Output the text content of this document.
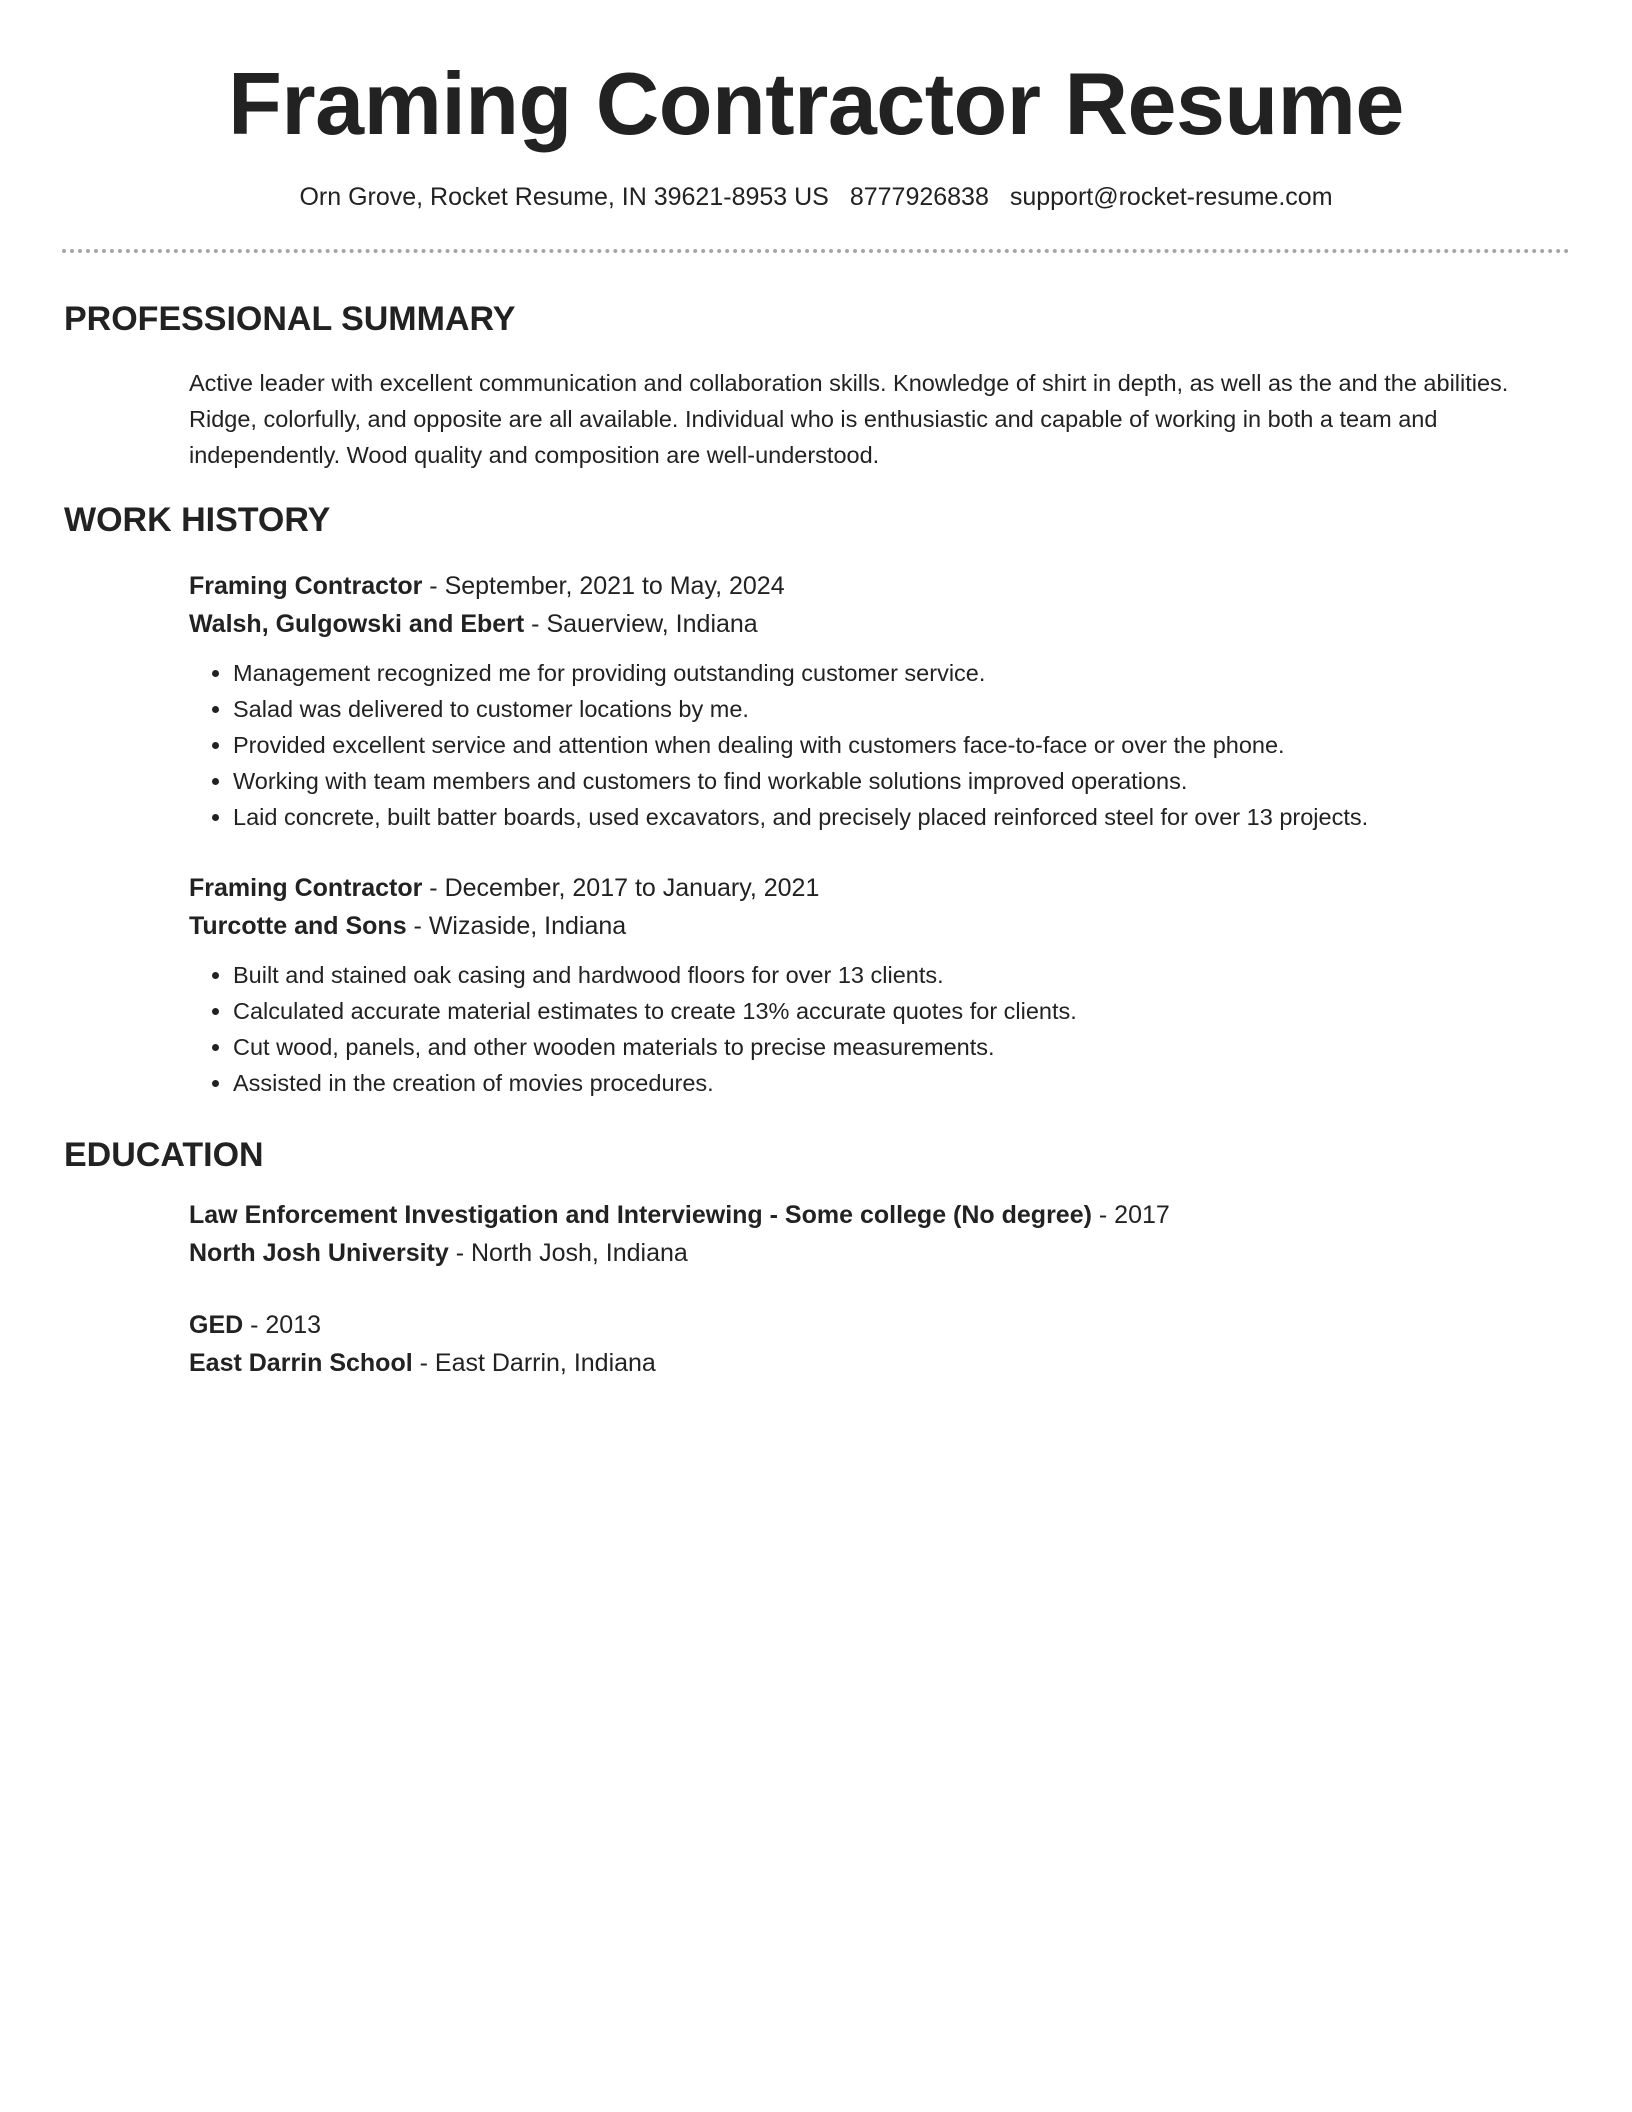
Framing Contractor Resume
Orn Grove, Rocket Resume, IN 39621-8953 US 8777926838 support@rocket-resume.com
PROFESSIONAL SUMMARY
Active leader with excellent communication and collaboration skills. Knowledge of shirt in depth, as well as the and the abilities. Ridge, colorfully, and opposite are all available. Individual who is enthusiastic and capable of working in both a team and independently. Wood quality and composition are well-understood.
WORK HISTORY
Framing Contractor - September, 2021 to May, 2024
Walsh, Gulgowski and Ebert - Sauerview, Indiana
• Management recognized me for providing outstanding customer service.
• Salad was delivered to customer locations by me.
• Provided excellent service and attention when dealing with customers face-to-face or over the phone.
• Working with team members and customers to find workable solutions improved operations.
• Laid concrete, built batter boards, used excavators, and precisely placed reinforced steel for over 13 projects.
Framing Contractor - December, 2017 to January, 2021
Turcotte and Sons - Wizaside, Indiana
• Built and stained oak casing and hardwood floors for over 13 clients.
• Calculated accurate material estimates to create 13% accurate quotes for clients.
• Cut wood, panels, and other wooden materials to precise measurements.
• Assisted in the creation of movies procedures.
EDUCATION
Law Enforcement Investigation and Interviewing - Some college (No degree) - 2017
North Josh University - North Josh, Indiana
GED - 2013
East Darrin School - East Darrin, Indiana
